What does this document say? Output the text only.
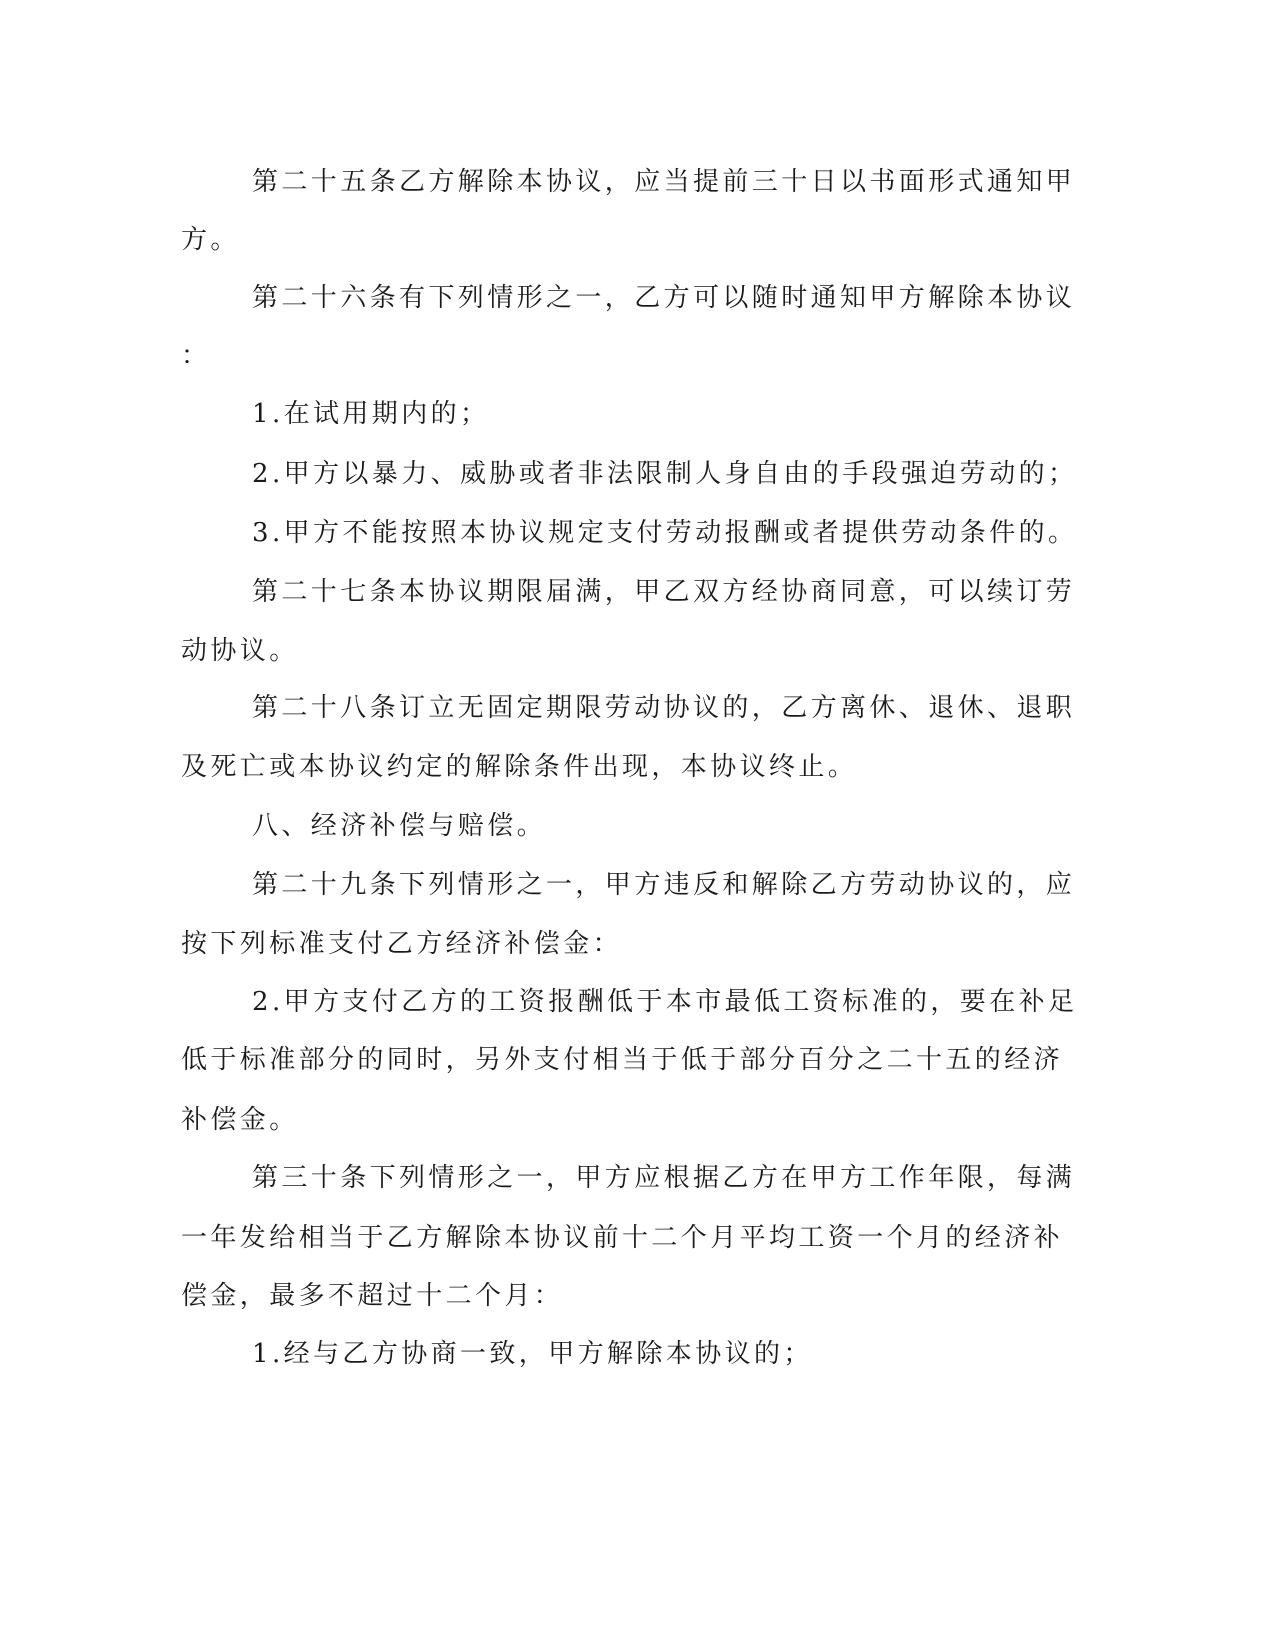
第二十五条乙方解除本协议，应当提前三十日以书面形式通知甲
方。
第二十六条有下列情形之一，乙方可以随时通知甲方解除本协议
：
1.在试用期内的；
2.甲方以暴力、威胁或者非法限制人身自由的手段强迫劳动的；
3.甲方不能按照本协议规定支付劳动报酬或者提供劳动条件的。
第二十七条本协议期限届满，甲乙双方经协商同意，可以续订劳
动协议。
第二十八条订立无固定期限劳动协议的，乙方离休、退休、退职
及死亡或本协议约定的解除条件出现，本协议终止。
八、经济补偿与赔偿。
第二十九条下列情形之一，甲方违反和解除乙方劳动协议的，应
按下列标准支付乙方经济补偿金：
2.甲方支付乙方的工资报酬低于本市最低工资标准的，要在补足
低于标准部分的同时，另外支付相当于低于部分百分之二十五的经济
补偿金。
第三十条下列情形之一，甲方应根据乙方在甲方工作年限，每满
一年发给相当于乙方解除本协议前十二个月平均工资一个月的经济补
偿金，最多不超过十二个月：
1.经与乙方协商一致，甲方解除本协议的；
